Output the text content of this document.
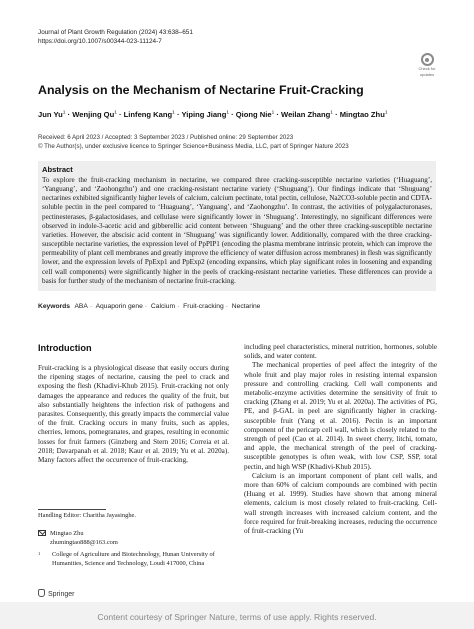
Journal of Plant Growth Regulation (2024) 43:638–651
https://doi.org/10.1007/s00344-023-11124-7
Check for
updates
Analysis on the Mechanism of Nectarine Fruit-Cracking
Jun $Yu^1$ · Wenjing $Qu^1$ · Linfeng Kang$^1$ · Yiping Jiang$^1$ · Qiong Nie$^1$ · Weilan Zhang$^1$ · Mingtao Zhu$^1$
Received: 6 April 2023 / Accepted: 3 September 2023 / Published online: 29 September 2023
© The Author(s), under exclusive licence to Springer Science+Business Media, LLC, part of Springer Nature 2023
Abstract
To explore the fruit-cracking mechanism in nectarine, we compared three cracking-susceptible nectarine varieties (‘Huaguang’, ‘Yanguang’, and ‘Zaohongzhu’) and one cracking-resistant nectarine variety (‘Shuguang’). Our findings indicate that ‘Shuguang’ nectarines exhibited significantly higher levels of calcium, calcium pectinate, total pectin, cellulose, Na2CO3-soluble pectin and CDTA-soluble pectin in the peel compared to ‘Huaguang’, ‘Yanguang’, and ‘Zaohongzhu’. In contrast, the activities of polygalacturonases, pectinesterases, β-galactosidases, and cellulase were significantly lower in ‘Shuguang’. Interestingly, no significant differences were observed in indole-3-acetic acid and gibberellic acid content between ‘Shuguang’ and the other three cracking-susceptible nectarine varieties. However, the abscisic acid content in ‘Shuguang’ was significantly lower. Additionally, compared with the three cracking-susceptible nectarine varieties, the expression level of PpPIP1 (encoding the plasma membrane intrinsic protein, which can improve the permeability of plant cell membranes and greatly improve the efficiency of water diffusion across membranes) in flesh was significantly lower, and the expression levels of PpExp1 and PpExp2 (encoding expansins, which play significant roles in loosening and expanding cell wall components) were significantly higher in the peels of cracking-resistant nectarine varieties. These differences can provide a basis for further study of the mechanism of nectarine fruit-cracking.
Keywords ABA · Aquaporin gene · Calcium · Fruit-cracking · Nectarine
Introduction

Fruit-cracking is a physiological disease that easily occurs during the ripening stages of nectarine, causing the peel to crack and exposing the flesh (Khadivi-Khub 2015). Fruit-cracking not only damages the appearance and reduces the quality of the fruit, but also substantially heightens the infection risk of pathogens and parasites. Consequently, this greatly impacts the commercial value of the fruit. Cracking occurs in many fruits, such as apples, cherries, lemons, pomegranates, and grapes, resulting in economic losses for fruit farmers (Ginzberg and Stern 2016; Correia et al. 2018; Davarpanah et al. 2018; Kaur et al. 2019; Yu et al. 2020a). Many factors affect the occurrence of fruit-cracking,

including peel characteristics, mineral nutrition, hormones, soluble solids, and water content.

The mechanical properties of peel affect the integrity of the whole fruit and play major roles in resisting internal expansion pressure and controlling cracking. Cell wall components and metabolic-enzyme activities determine the sensitivity of fruit to cracking (Zhang et al. 2019; Yu et al. 2020a). The activities of PG, PE, and β-GAL in peel are significantly higher in cracking-susceptible fruit (Yang et al. 2016). Pectin is an important component of the pericarp cell wall, which is closely related to the strength of peel (Cao et al. 2014). In sweet cherry, litchi, tomato, and apple, the mechanical strength of the peel of cracking-susceptible genotypes is often weak, with low CSP, SSP, total pectin, and high WSP (Khadivi-Khub 2015).

Calcium is an important component of plant cell walls, and more than 60% of calcium compounds are combined with pectin (Huang et al. 1999). Studies have shown that among mineral elements, calcium is most closely related to fruit-cracking. Cell-wall strength increases with increased calcium content, and the force required for fruit-breaking increases, reducing the occurrence of fruit-cracking (Yu

Handling Editor: Charitha Jayasinghe.
Mingtao Zhu
zhumingtao888@163.com
1 College of Agriculture and Biotechnology, Hunan University of Humanities, Science and Technology, Loudi 417000, China
Springer
Content courtesy of Springer Nature, terms of use apply. Rights reserved.
